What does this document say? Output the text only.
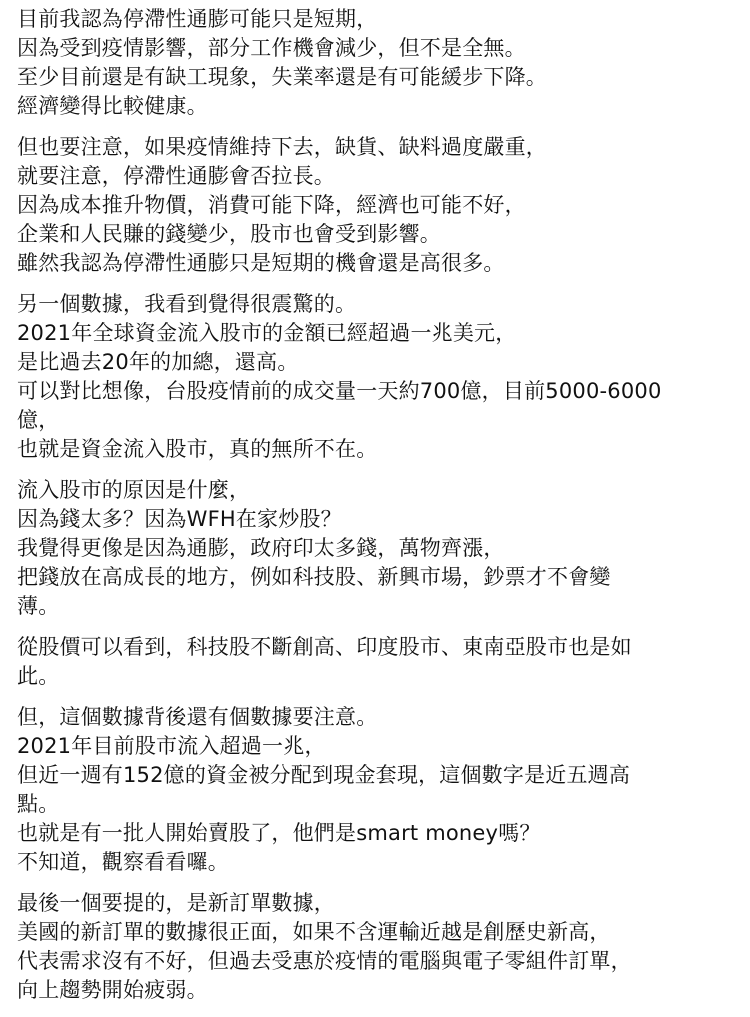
目前我認為停滯性通膨可能只是短期，
因為受到疫情影響，部分工作機會減少，但不是全無。
至少目前還是有缺工現象，失業率還是有可能緩步下降。
經濟變得比較健康。
但也要注意，如果疫情維持下去，缺貨、缺料過度嚴重，
就要注意，停滯性通膨會否拉長。
因為成本推升物價，消費可能下降，經濟也可能不好，
企業和人民賺的錢變少，股市也會受到影響。
雖然我認為停滯性通膨只是短期的機會還是高很多。
另一個數據，我看到覺得很震驚的。
2021年全球資金流入股市的金額已經超過一兆美元，
是比過去20年的加總，還高。
可以對比想像，台股疫情前的成交量一天約700億，目前5000-6000
億，
也就是資金流入股市，真的無所不在。
流入股市的原因是什麼，
因為錢太多？因為WFH在家炒股？
我覺得更像是因為通膨，政府印太多錢，萬物齊漲，
把錢放在高成長的地方，例如科技股、新興市場，鈔票才不會變
薄。
從股價可以看到，科技股不斷創高、印度股市、東南亞股市也是如
此。
但，這個數據背後還有個數據要注意。
2021年目前股市流入超過一兆，
但近一週有152億的資金被分配到現金套現，這個數字是近五週高
點。
也就是有一批人開始賣股了，他們是smart money嗎？
不知道，觀察看看囉。
最後一個要提的，是新訂單數據，
美國的新訂單的數據很正面，如果不含運輸近越是創歷史新高，
代表需求沒有不好，但過去受惠於疫情的電腦與電子零組件訂單，
向上趨勢開始疲弱。
